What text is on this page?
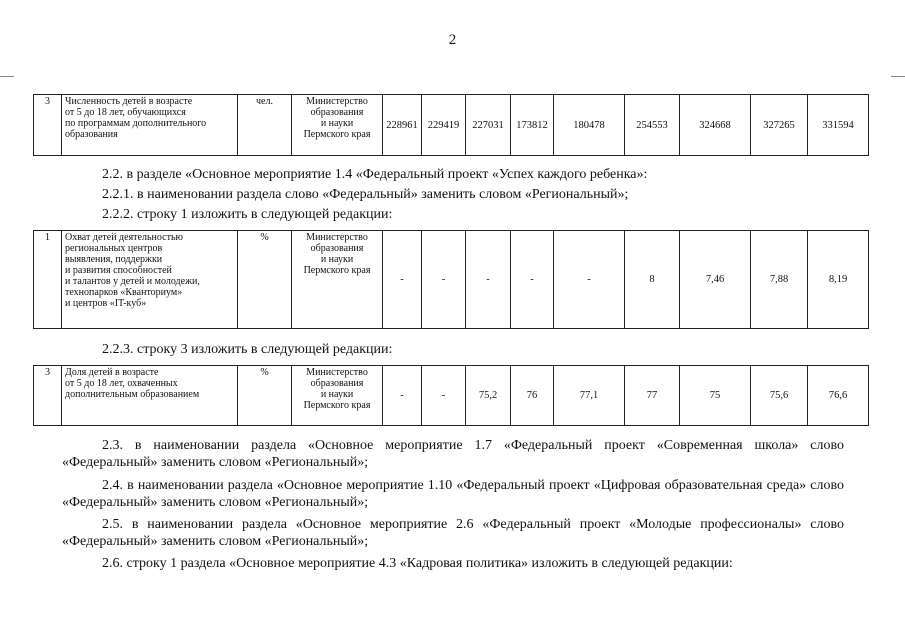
2
3	Численность детей в возрасте
от 5 до 18 лет, обучающихся
по программам дополнительного
образования	чел.	Министерство
образования
и науки
Пермского края	228961	229419	227031	173812	180478	254553	324668	327265	331594
2.2. в разделе «Основное мероприятие 1.4 «Федеральный проект «Успех каждого ребенка»:
2.2.1. в наименовании раздела слово «Федеральный» заменить словом «Региональный»;
2.2.2. строку 1 изложить в следующей редакции:
1	Охват детей деятельностью
региональных центров
выявления, поддержки
и развития способностей
и талантов у детей и молодежи,
технопарков «Кванториум»
и центров «IT-куб»	%	Министерство
образования
и науки
Пермского края	-	-	-	-	-	8	7,46	7,88	8,19
2.2.3. строку 3 изложить в следующей редакции:
3	Доля детей в возрасте
от 5 до 18 лет, охваченных
дополнительным образованием	%	Министерство
образования
и науки
Пермского края	-	-	75,2	76	77,1	77	75	75,6	76,6
2.3. в наименовании раздела «Основное мероприятие 1.7 «Федеральный проект «Современная школа» слово «Федеральный» заменить словом «Региональный»;
2.4. в наименовании раздела «Основное мероприятие 1.10 «Федеральный проект «Цифровая образовательная среда» слово «Федеральный» заменить словом «Региональный»;
2.5. в наименовании раздела «Основное мероприятие 2.6 «Федеральный проект «Молодые профессионалы» слово «Федеральный» заменить словом «Региональный»;
2.6. строку 1 раздела «Основное мероприятие 4.3 «Кадровая политика» изложить в следующей редакции:
